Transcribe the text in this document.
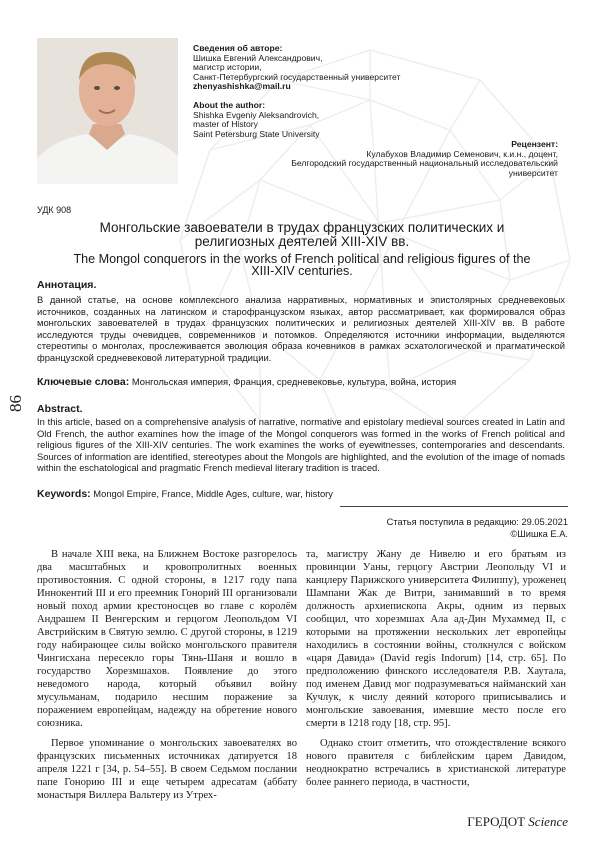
Сведения об авторе:
Шишка Евгений Александрович,
магистр истории,
Санкт-Петербургский государственный университет
zhenyashishka@mail.ru
About the author:
Shishka Evgeniy Aleksandrovich,
master of History
Saint Petersburg State University
Рецензент:
Кулабухов Владимир Семенович, к.и.н., доцент,
Белгородский государственный национальный исследовательский
университет
УДК 908
Монгольские завоеватели в трудах французских политических и
религиозных деятелей XIII-XIV вв.
The Mongol conquerors in the works of French political and religious figures of the
XIII-XIV centuries.
Аннотация.
В данной статье, на основе комплексного анализа нарративных, нормативных и эпистолярных средневековых источников, созданных на латинском и старофранцузском языках, автор рассматривает, как формировался образ монгольских завоевателей в трудах французских политических и религиозных деятелей XIII-XIV вв. В работе исследуются труды очевидцев, современников и потомков. Определяются источники информации, выделяются стереотипы о монголах, прослеживается эволюция образа кочевников в рамках эсхатологической и прагматической французской средневековой литературной традиции.
Ключевые слова: Монгольская империя, Франция, средневековье, культура, война, история
Abstract.
In this article, based on a comprehensive analysis of narrative, normative and epistolary medieval sources created in Latin and Old French, the author examines how the image of the Mongol conquerors was formed in the works of French political and religious figures of the XIII-XIV centuries. The work examines the works of eyewitnesses, contemporaries and descendants. Sources of information are identified, stereotypes about the Mongols are highlighted, and the evolution of the image of nomads within the eschatological and pragmatic French medieval literary tradition is traced.
Keywords: Mongol Empire, France, Middle Ages, culture, war, history
86
Статья поступила в редакцию: 29.05.2021
©Шишка Е.А.

В начале XIII века, на Ближнем Востоке разгорелось два масштабных и кровопролитных военных противостояния. С одной стороны, в 1217 году папа Иннокентий III и его преемник Гонорий III организовали новый поход армии крестоносцев во главе с королём Андрашем II Венгерским и герцогом Леопольдом VI Австрийским в Святую землю. С другой стороны, в 1219 году набирающее силы войско монгольского правителя Чингисхана пересекло горы Тянь-Шаня и вошло в государство Хорезмшахов. Появление до этого неведомого народа, который объявил войну мусульманам, подарило несшим поражение за поражением европейцам, надежду на обретение нового союзника.

Первое упоминание о монгольских завоевателях во французских письменных источниках датируется 18 апреля 1221 г [34, р. 54–55]. В своем Седьмом послании папе Гонорию III и еще четырем адресатам (аббату монастыря Виллера Вальтеру из Утрех-

та, магистру Жану де Нивелю и его братьям из провинции Уаны, герцогу Австрии Леопольду VI и канцлеру Парижского университета Филиппу), уроженец Шампани Жак де Витри, занимавший в то время должность архиепископа Акры, одним из первых сообщил, что хорезмшах Ала ад-Дин Мухаммед II, с которыми на протяжении нескольких лет европейцы находились в состоянии войны, столкнулся с войском «царя Давида» (David regis Indorum) [14, стр. 65]. По предположению финского исследователя Р.В. Хаутала, под именем Давид мог подразумеваться найманский хан Кучлук, к числу деяний которого приписывались и монгольские завоевания, имевшие место после его смерти в 1218 году [18, стр. 95].

Однако стоит отметить, что отождествление всякого нового правителя с библейским царем Давидом, неоднократно встречались в христианской литературе более раннего периода, в частности,

ГЕРОДОТ Science
